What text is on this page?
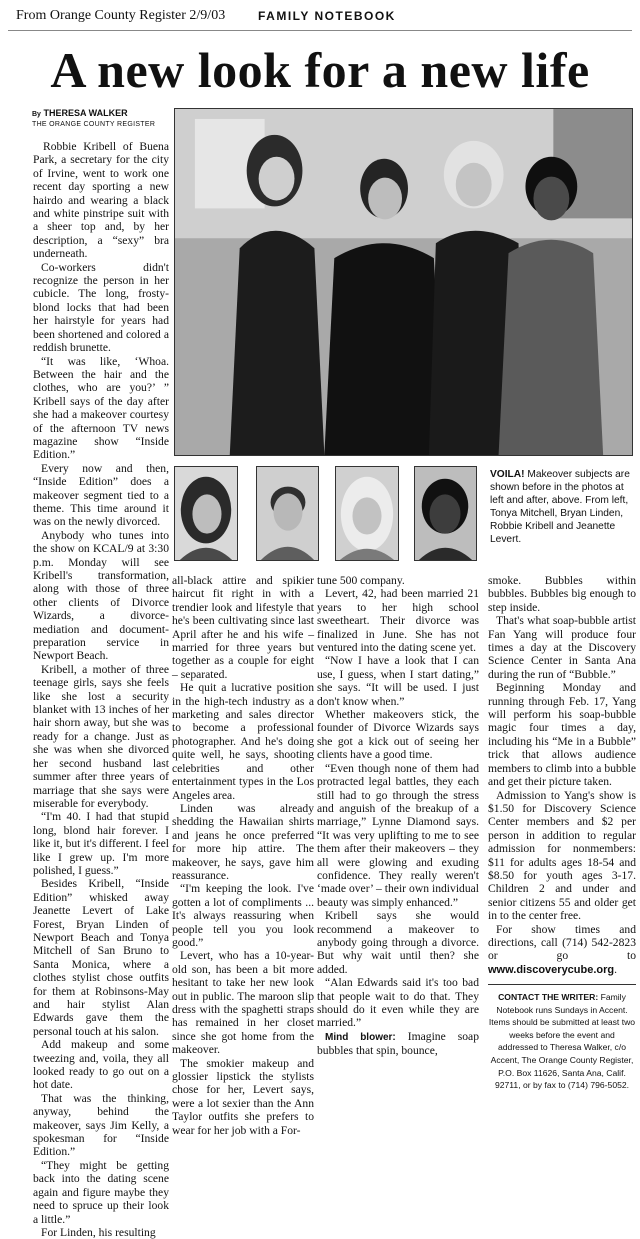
From Orange County Register 2/9/03	FAMILY NOTEBOOK
A new look for a new life
By THERESA WALKER
THE ORANGE COUNTY REGISTER
VOILA! Makeover subjects are shown before in the photos at left and after, above. From left, Tonya Mitchell, Bryan Linden, Robbie Kribell and Jeanette Levert.

Robbie Kribell of Buena Park, a secretary for the city of Irvine, went to work one recent day sporting a new hairdo and wearing a black and white pinstripe suit with a sheer top and, by her description, a “sexy” bra underneath.

Co-workers didn't recognize the person in her cubicle. The long, frosty-blond locks that had been her hairstyle for years had been shortened and colored a reddish brunette.

“It was like, ‘Whoa. Between the hair and the clothes, who are you?’ ” Kribell says of the day after she had a makeover courtesy of the afternoon TV news magazine show “Inside Edition.”

Every now and then, “Inside Edition” does a makeover segment tied to a theme. This time around it was on the newly divorced.

Anybody who tunes into the show on KCAL/9 at 3:30 p.m. Monday will see Kribell's transformation, along with those of three other clients of Divorce Wizards, a divorce-mediation and document-preparation service in Newport Beach.

Kribell, a mother of three teenage girls, says she feels like she lost a security blanket with 13 inches of her hair shorn away, but she was ready for a change. Just as she was when she divorced her second husband last summer after three years of marriage that she says were miserable for everybody.

“I'm 40. I had that stupid long, blond hair forever. I like it, but it's different. I feel like I grew up. I'm more polished, I guess.”

Besides Kribell, “Inside Edition” whisked away Jeanette Levert of Lake Forest, Bryan Linden of Newport Beach and Tonya Mitchell of San Bruno to Santa Monica, where a clothes stylist chose outfits for them at Robinsons-May and hair stylist Alan Edwards gave them the personal touch at his salon.

Add makeup and some tweezing and, voila, they all looked ready to go out on a hot date.

That was the thinking, anyway, behind the makeover, says Jim Kelly, a spokesman for “Inside Edition.”

“They might be getting back into the dating scene again and figure maybe they need to spruce up their look a little.”

For Linden, his resulting

all-black attire and spikier haircut fit right in with a trendier look and lifestyle that he's been cultivating since last April after he and his wife – married for three years but together as a couple for eight – separated.

He quit a lucrative position in the high-tech industry as a marketing and sales director to become a professional photographer. And he's doing quite well, he says, shooting celebrities and other entertainment types in the Los Angeles area.

Linden was already shedding the Hawaiian shirts and jeans he once preferred for more hip attire. The makeover, he says, gave him reassurance.

“I'm keeping the look. I've gotten a lot of compliments ... It's always reassuring when people tell you you look good.”

Levert, who has a 10-year-old son, has been a bit more hesitant to take her new look out in public. The maroon slip dress with the spaghetti straps has remained in her closet since she got home from the makeover.

The smokier makeup and glossier lipstick the stylists chose for her, Levert says, were a lot sexier than the Ann Taylor outfits she prefers to wear for her job with a For-

tune 500 company.

Levert, 42, had been married 21 years to her high school sweetheart. Their divorce was finalized in June. She has not ventured into the dating scene yet.

“Now I have a look that I can use, I guess, when I start dating,” she says. “It will be used. I just don't know when.”

Whether makeovers stick, the founder of Divorce Wizards says she got a kick out of seeing her clients have a good time.

“Even though none of them had protracted legal battles, they each still had to go through the stress and anguish of the breakup of a marriage,” Lynne Diamond says. “It was very uplifting to me to see them after their makeovers – they all were glowing and exuding confidence. They really weren't ‘made over’ – their own individual beauty was simply enhanced.”

Kribell says she would recommend a makeover to anybody going through a divorce. But why wait until then? she added.

“Alan Edwards said it's too bad that people wait to do that. They should do it even while they are married.”

Mind blower: Imagine soap bubbles that spin, bounce,

smoke. Bubbles within bubbles. Bubbles big enough to step inside.

That's what soap-bubble artist Fan Yang will produce four times a day at the Discovery Science Center in Santa Ana during the run of “Bubble.”

Beginning Monday and running through Feb. 17, Yang will perform his soap-bubble magic four times a day, including his “Me in a Bubble” trick that allows audience members to climb into a bubble and get their picture taken.

Admission to Yang's show is $1.50 for Discovery Science Center members and $2 per person in addition to regular admission for nonmembers: $11 for adults ages 18-54 and $8.50 for youth ages 3-17. Children 2 and under and senior citizens 55 and older get in to the center free.

For show times and directions, call (714) 542-2823 or go to www.discoverycube.org.

CONTACT THE WRITER: Family Notebook runs Sundays in Accent. Items should be submitted at least two weeks before the event and addressed to Theresa Walker, c/o Accent, The Orange County Register, P.O. Box 11626, Santa Ana, Calif. 92711, or by fax to (714) 796-5052.
